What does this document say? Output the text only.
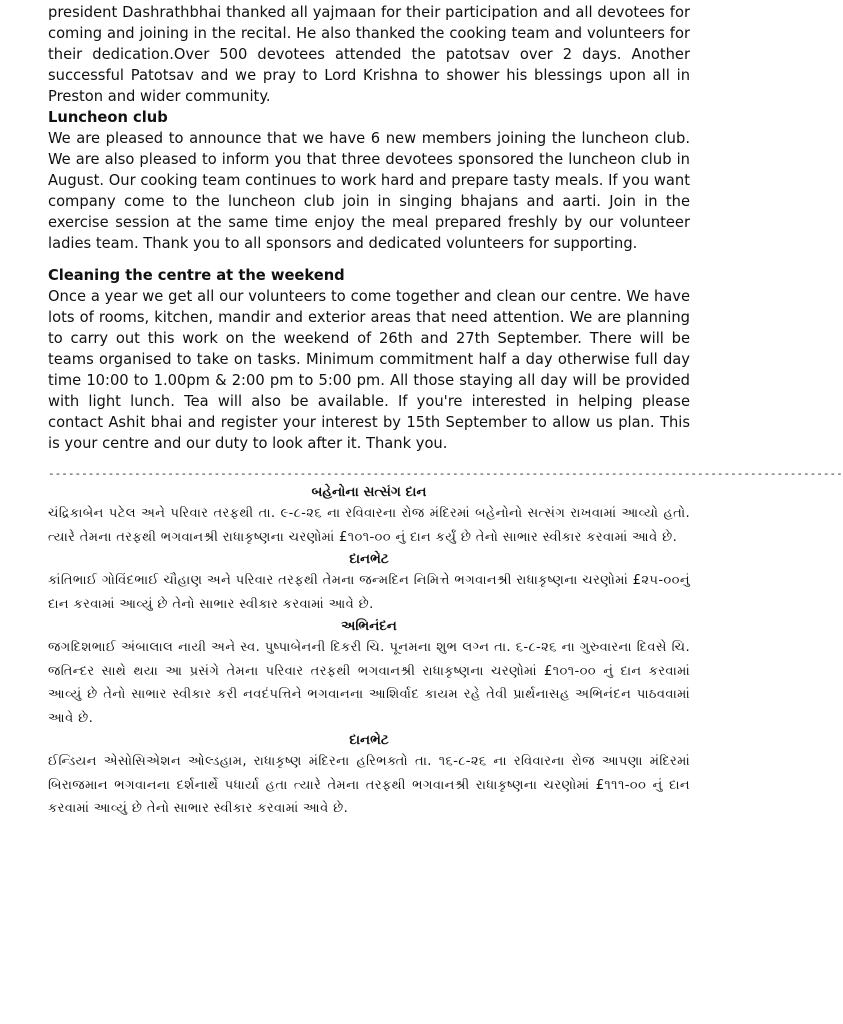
president Dashrathbhai thanked all yajmaan for their participation and all devotees for coming and joining in the recital. He also thanked the cooking team and volunteers for their dedication.Over 500 devotees attended the patotsav over 2 days. Another successful Patotsav and we pray to Lord Krishna to shower his blessings upon all in Preston and wider community.

Luncheon club

We are pleased to announce that we have 6 new members joining the luncheon club. We are also pleased to inform you that three devotees sponsored the luncheon club in August. Our cooking team continues to work hard and prepare tasty meals. If you want company come to the luncheon club join in singing bhajans and aarti. Join in the exercise session at the same time enjoy the meal prepared freshly by our volunteer ladies team. Thank you to all sponsors and dedicated volunteers for supporting.

Cleaning the centre at the weekend

Once a year we get all our volunteers to come together and clean our centre. We have lots of rooms, kitchen, mandir and exterior areas that need attention. We are planning to carry out this work on the weekend of 26th and 27th September. There will be teams organised to take on tasks. Minimum commitment half a day otherwise full day time 10:00 to 1.00pm & 2:00 pm to 5:00 pm. All those staying all day will be provided with light lunch. Tea will also be available. If you're interested in helping please contact Ashit bhai and register your interest by 15th September to allow us plan. This is your centre and our duty to look after it. Thank you.

------------------------------------------------------------------------------------------------------------------------

બહેનોના સત્સંગ દાન

ચંદ્રિકાબેન પટેલ અને પરિવાર તરફથી તા. ૯-૮-૨૬ ના રવિવારના રોજ મંદિરમાં બહેનોનો સત્સંગ રાખવામાં આવ્યો હતો. ત્યારે તેમના તરફથી ભગવાનશ્રી રાધાકૃષ્ણના ચરણોમાં £૧૦૧-૦૦ નું દાન કર્યું છે તેનો સાભાર સ્વીકાર કરવામાં આવે છે.

દાનભેટ

કાંતિભાઈ ગોવિંદભાઈ ચૌહાણ અને પરિવાર તરફથી તેમના જન્મદિન નિમિત્તે ભગવાનશ્રી રાધાકૃષ્ણના ચરણોમાં £૨૫-૦૦નું દાન કરવામાં આવ્યું છે તેનો સાભાર સ્વીકાર કરવામાં આવે છે.

અભિનંદન

જગદિશભાઈ અંબાલાલ નાયી અને સ્વ. પુષ્પાબેનની દિકરી ચિ. પૂનમના શુભ લગ્ન તા. ૬-૮-૨૬ ના ગુરુવારના દિવસે ચિ. જતિન્દર સાથે થયા આ પ્રસંગે તેમના પરિવાર તરફથી ભગવાનશ્રી રાધાકૃષ્ણના ચરણોમાં £૧૦૧-૦૦ નું દાન કરવામાં આવ્યું છે તેનો સાભાર સ્વીકાર કરી નવદંપત્તિને ભગવાનના આશિર્વાદ કાયમ રહે તેવી પ્રાર્થનાસહ અભિનંદન પાઠવવામાં આવે છે.

દાનભેટ

ઈન્ડિયન એસોસિએશન ઓલ્ડહામ, રાધાકૃષ્ણ મંદિરના હરિભક્તો તા. ૧૬-૮-૨૬ ના રવિવારના રોજ આપણા મંદિરમાં બિરાજમાન ભગવાનના દર્શનાર્થે પધાર્યા હતા ત્યારે તેમના તરફથી ભગવાનશ્રી રાધાકૃષ્ણના ચરણોમાં £૧૧૧-૦૦ નું દાન કરવામાં આવ્યું છે તેનો સાભાર સ્વીકાર કરવામાં આવે છે.
